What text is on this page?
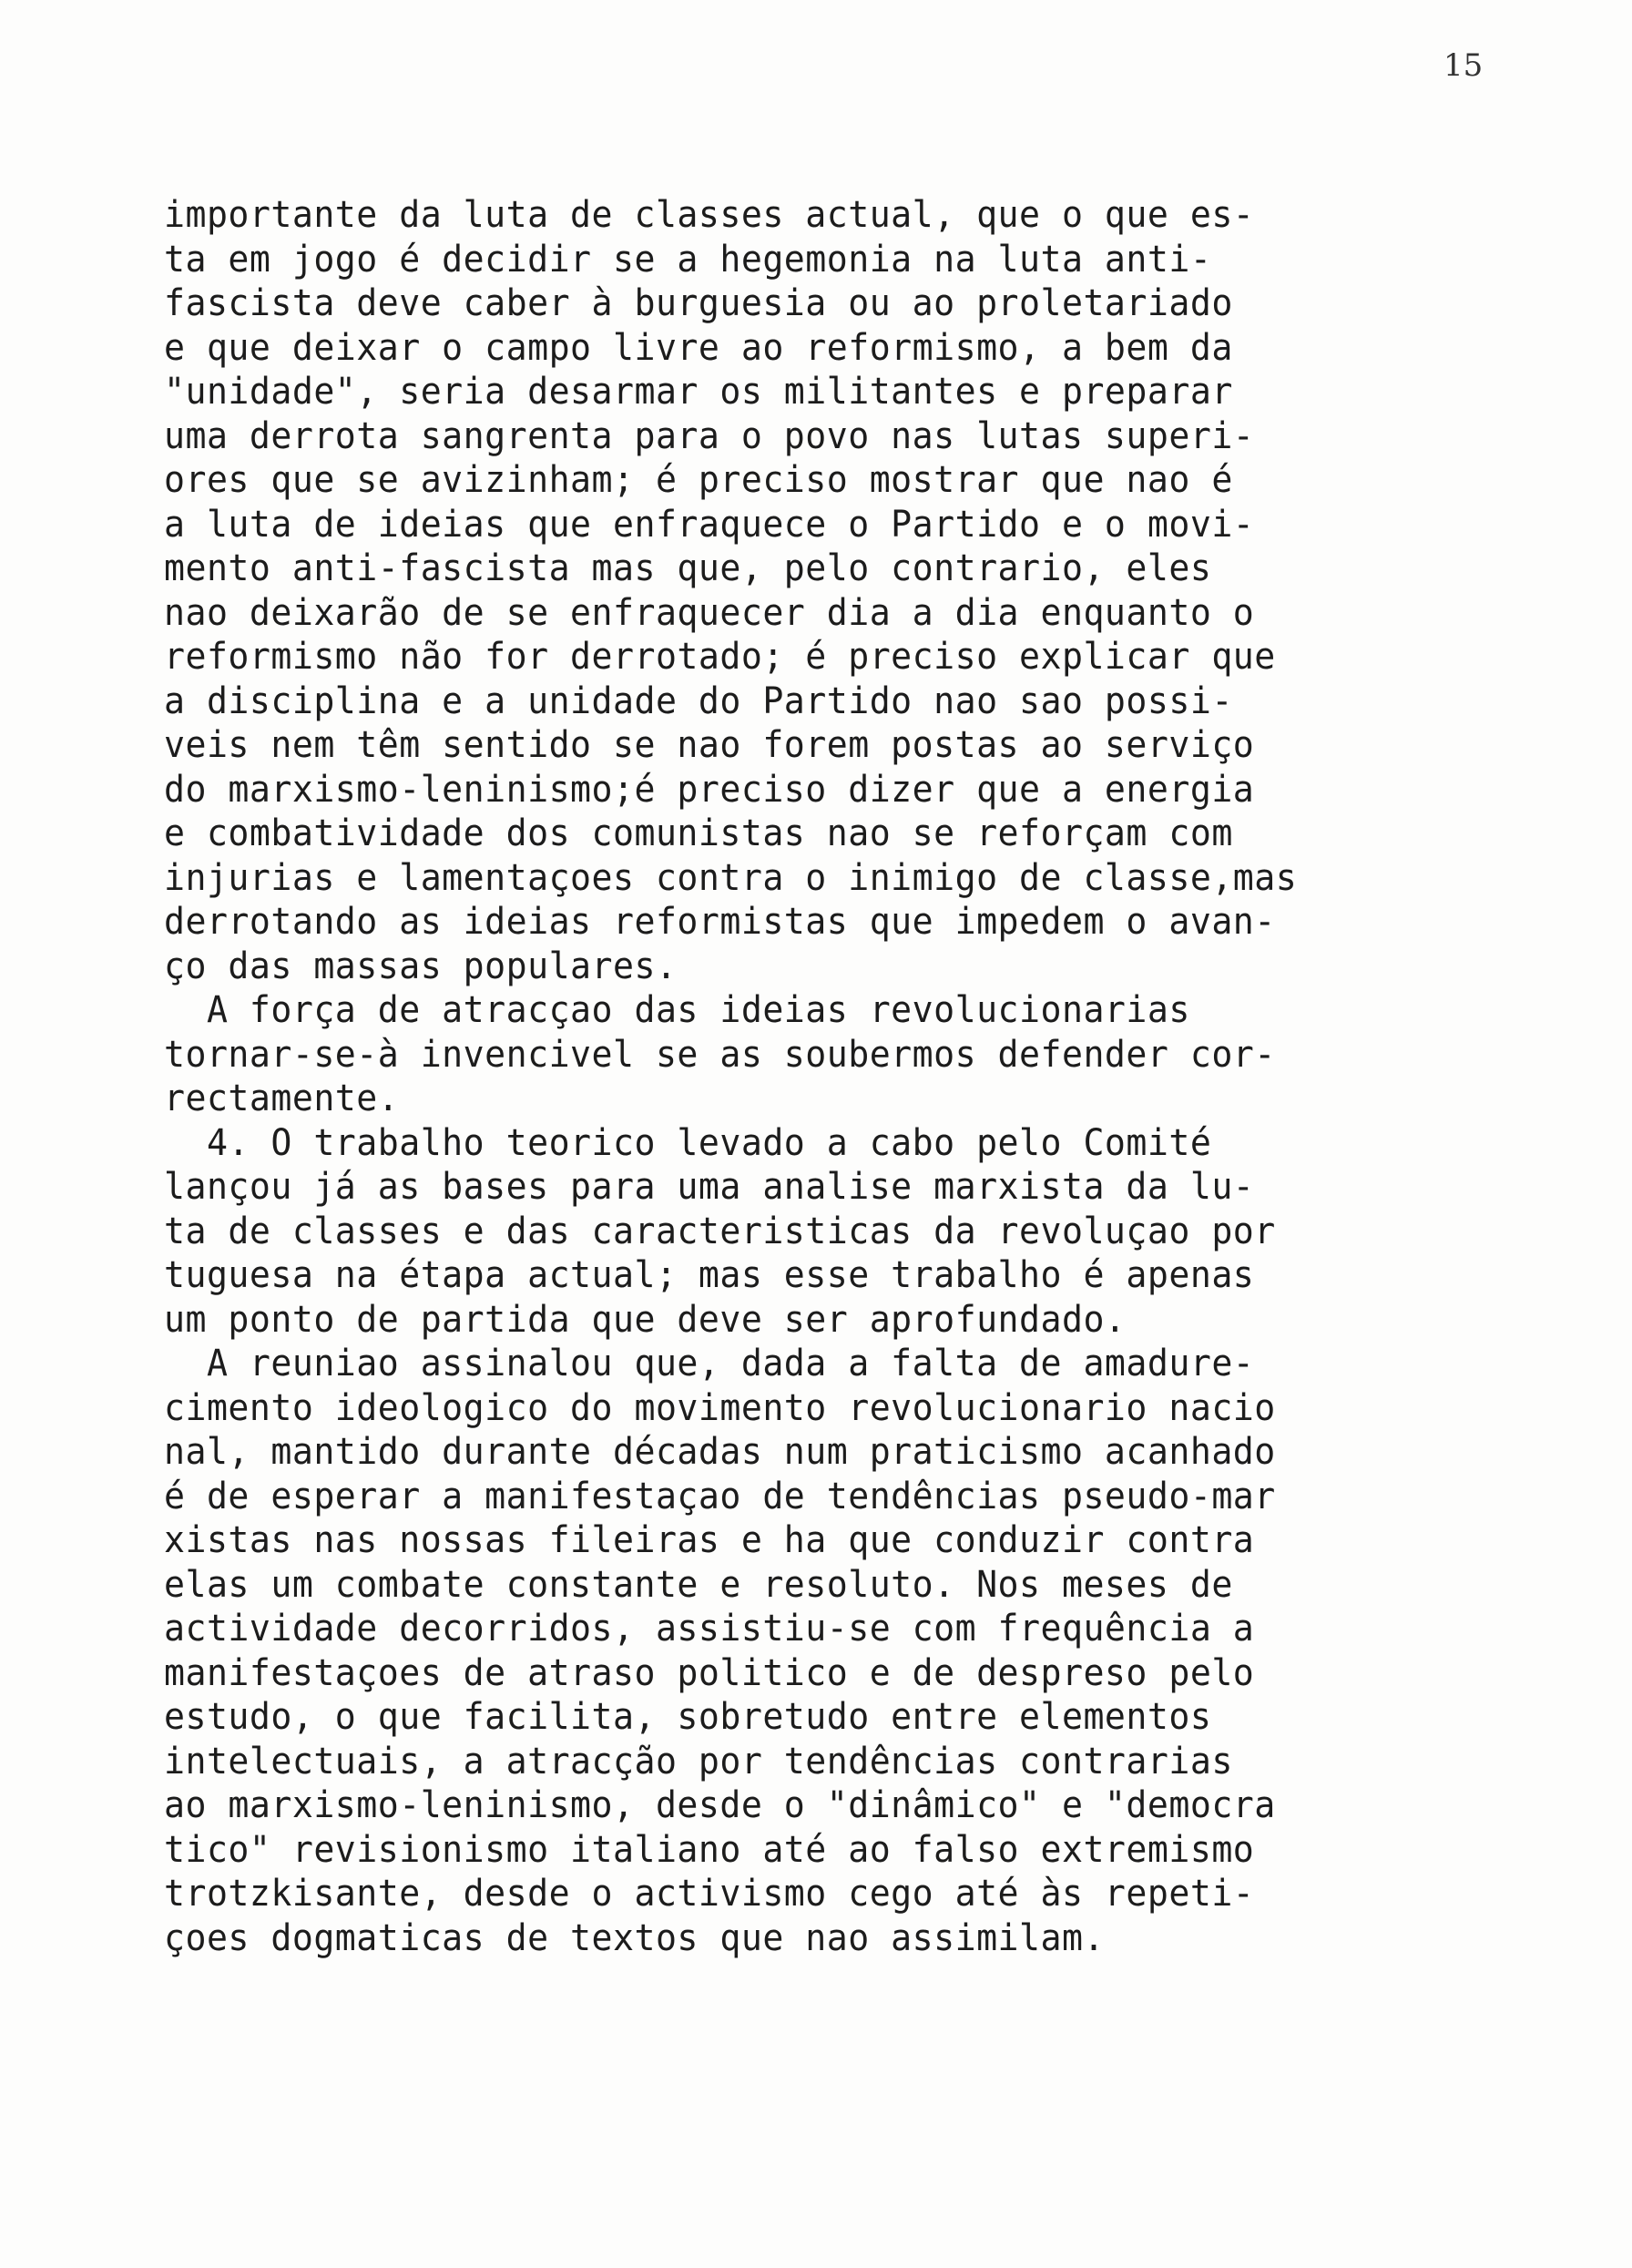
15
importante da luta de classes actual, que o que es-
ta em jogo é decidir se a hegemonia na luta anti-
fascista deve caber à burguesia ou ao proletariado
e que deixar o campo livre ao reformismo, a bem da
"unidade", seria desarmar os militantes e preparar
uma derrota sangrenta para o povo nas lutas superi-
ores que se avizinham; é preciso mostrar que nao é
a luta de ideias que enfraquece o Partido e o movi-
mento anti-fascista mas que, pelo contrario, eles
nao deixarão de se enfraquecer dia a dia enquanto o
reformismo não for derrotado; é preciso explicar que
a disciplina e a unidade do Partido nao sao possi-
veis nem têm sentido se nao forem postas ao serviço
do marxismo-leninismo;é preciso dizer que a energia
e combatividade dos comunistas nao se reforçam com
injurias e lamentaçoes contra o inimigo de classe,mas
derrotando as ideias reformistas que impedem o avan-
ço das massas populares.
A força de atracçao das ideias revolucionarias
tornar-se-à invencivel se as soubermos defender cor-
rectamente.
4. O trabalho teorico levado a cabo pelo Comité
lançou já as bases para uma analise marxista da lu-
ta de classes e das caracteristicas da revoluçao por
tuguesa na étapa actual; mas esse trabalho é apenas
um ponto de partida que deve ser aprofundado.
A reuniao assinalou que, dada a falta de amadure-
cimento ideologico do movimento revolucionario nacio
nal, mantido durante décadas num praticismo acanhado
é de esperar a manifestaçao de tendências pseudo-mar
xistas nas nossas fileiras e ha que conduzir contra
elas um combate constante e resoluto. Nos meses de
actividade decorridos, assistiu-se com frequência a
manifestaçoes de atraso politico e de despreso pelo
estudo, o que facilita, sobretudo entre elementos
intelectuais, a atracção por tendências contrarias
ao marxismo-leninismo, desde o "dinâmico" e "democra
tico" revisionismo italiano até ao falso extremismo
trotzkisante, desde o activismo cego até às repeti-
çoes dogmaticas de textos que nao assimilam.
